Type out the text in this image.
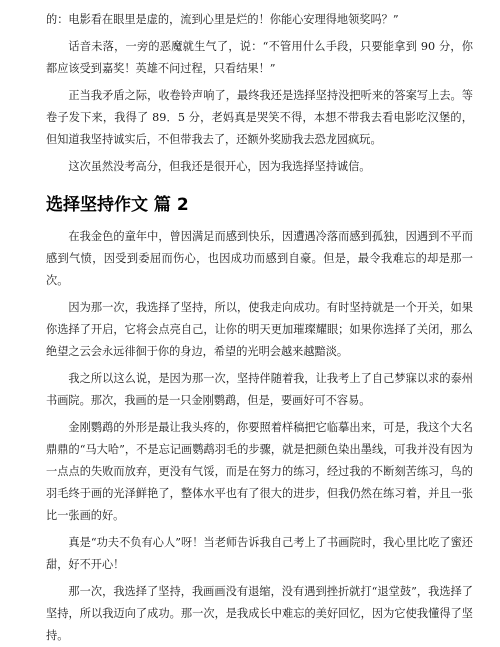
的：电影看在眼里是虚的，流到心里是烂的！你能心安理得地领奖吗？”

话音未落，一旁的恶魔就生气了，说：“不管用什么手段，只要能拿到 90 分，你都应该受到嘉奖！英雄不问过程，只看结果！”

正当我矛盾之际，收卷铃声响了，最终我还是选择坚持没把听来的答案写上去。等卷子发下来，我得了 89．5 分，老妈真是哭笑不得，本想不带我去看电影吃汉堡的，但知道我坚持诚实后，不但带我去了，还额外奖励我去恐龙园疯玩。

这次虽然没考高分，但我还是很开心，因为我选择坚持诚信。

选择坚持作文 篇 2

在我金色的童年中，曾因满足而感到快乐，因遭遇冷落而感到孤独，因遇到不平而感到气愤，因受到委屈而伤心，也因成功而感到自豪。但是，最令我难忘的却是那一次。

因为那一次，我选择了坚持，所以，使我走向成功。有时坚持就是一个开关，如果你选择了开启，它将会点亮自己，让你的明天更加璀璨耀眼；如果你选择了关闭，那么绝望之云会永远徘徊于你的身边，希望的光明会越来越黯淡。

我之所以这么说，是因为那一次，坚持伴随着我，让我考上了自己梦寐以求的泰州书画院。那次，我画的是一只金刚鹦鹉，但是，要画好可不容易。

金刚鹦鹉的外形是最让我头疼的，你要照着样稿把它临摹出来，可是，我这个大名鼎鼎的“马大哈”，不是忘记画鹦鹉羽毛的步骤，就是把颜色染出墨线，可我并没有因为一点点的失败而放弃，更没有气馁，而是在努力的练习，经过我的不断刻苦练习，鸟的羽毛终于画的光泽鲜艳了，整体水平也有了很大的进步，但我仍然在练习着，并且一张比一张画的好。

真是“功夫不负有心人”呀！当老师告诉我自己考上了书画院时，我心里比吃了蜜还甜，好不开心！

那一次，我选择了坚持，我画画没有退缩，没有遇到挫折就打“退堂鼓”，我选择了坚持，所以我迈向了成功。那一次，是我成长中难忘的美好回忆，因为它使我懂得了坚持。
